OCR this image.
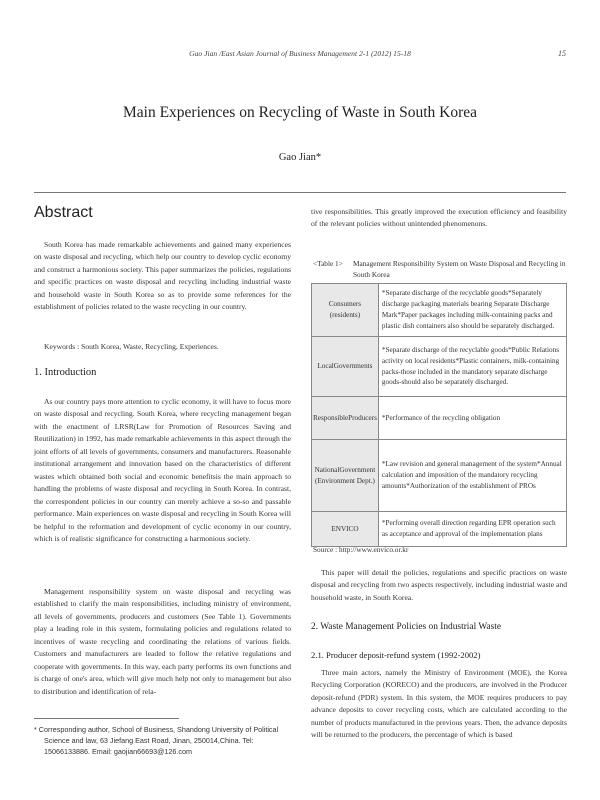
Gao Jian /East Asian Journal of Business Management 2-1 (2012) 15-18	15
Main Experiences on Recycling of Waste in South Korea
Gao Jian*
Abstract
South Korea has made remarkable achievements and gained many experiences on waste disposal and recycling, which help our country to develop cyclic economy and construct a harmonious society. This paper summarizes the policies, regulations and specific practices on waste disposal and recycling including industrial waste and household waste in South Korea so as to provide some references for the establishment of policies related to the waste recycling in our country.
Keywords : South Korea, Waste, Recycling, Experiences.
1. Introduction
As our country pays more attention to cyclic economy, it will have to focus more on waste disposal and recycling. South Korea, where recycling management began with the enactment of LRSR(Law for Promotion of Resources Saving and Reutilization) in 1992, has made remarkable achievements in this aspect through the joint efforts of all levels of governments, consumers and manufacturers. Reasonable institutional arrangement and innovation based on the characteristics of different wastes which obtained both social and economic benefitsis the main approach to handling the problems of waste disposal and recycling in South Korea. In contrast, the correspondent policies in our country can merely achieve a so-so and passable performance. Main experiences on waste disposal and recycling in South Korea will be helpful to the reformation and development of cyclic economy in our country, which is of realistic significance for constructing a harmonious society.
Management responsibility system on waste disposal and recycling was established to clarify the main responsibilities, including ministry of environment, all levels of governments, producers and customers (See Table 1). Governments play a leading role in this system, formulating policies and regulations related to incentives of waste recycling and coordinating the relations of various fields. Customers and manufacturers are leaded to follow the relative regulations and cooperate with governments. In this way, each party performs its own functions and is charge of one's area, which will give much help not only to management but also to distribution and identification of rela-
* Corresponding author, School of Business, Shandong University of Political Science and law, 63 Jiefang East Road, Jinan, 250014,China. Tel: 15066133886. Email: gaojian66693@126.com
tive responsibilities. This greatly improved the execution efficiency and feasibility of the relevant policies without unintended phenomenons.
<Table 1> Management Responsibility System on Waste Disposal and Recycling in South Korea
Consumers (residents)	*Separate discharge of the recyclable goods*Separately discharge packaging materials bearing Separate Discharge Mark*Paper packages including milk-containing packs and plastic dish containers also should be separately discharged.
LocalGovernments	*Separate discharge of the recyclable goods*Public Relations activity on local residents*Plastic containers, milk-containing packs-those included in the mandatory separate discharge goods-should also be separately discharged.
ResponsibleProducers	*Performance of the recycling obligation
NationalGovernment (Environment Dept.)	*Law revision and general management of the system*Annual calculation and imposition of the mandatory recycling amounts*Authorization of the establishment of PROs
ENVICO	*Performing overall direction regarding EPR operation such as acceptance and approval of the implementation plans
Source : http://www.envico.or.kr
This paper will detail the policies, regulations and specific practices on waste disposal and recycling from two aspects respectively, including industrial waste and household waste, in South Korea.
2. Waste Management Policies on Industrial Waste
2.1. Producer deposit-refund system (1992-2002)
Three main actors, namely the Ministry of Environment (MOE), the Korea Recycling Corporation (KORECO) and the producers, are involved in the Producer deposit-refund (PDR) system. In this system, the MOE requires producers to pay advance deposits to cover recycling costs, which are calculated according to the number of products manufactured in the previous years. Then, the advance deposits will be returned to the producers, the percentage of which is based
